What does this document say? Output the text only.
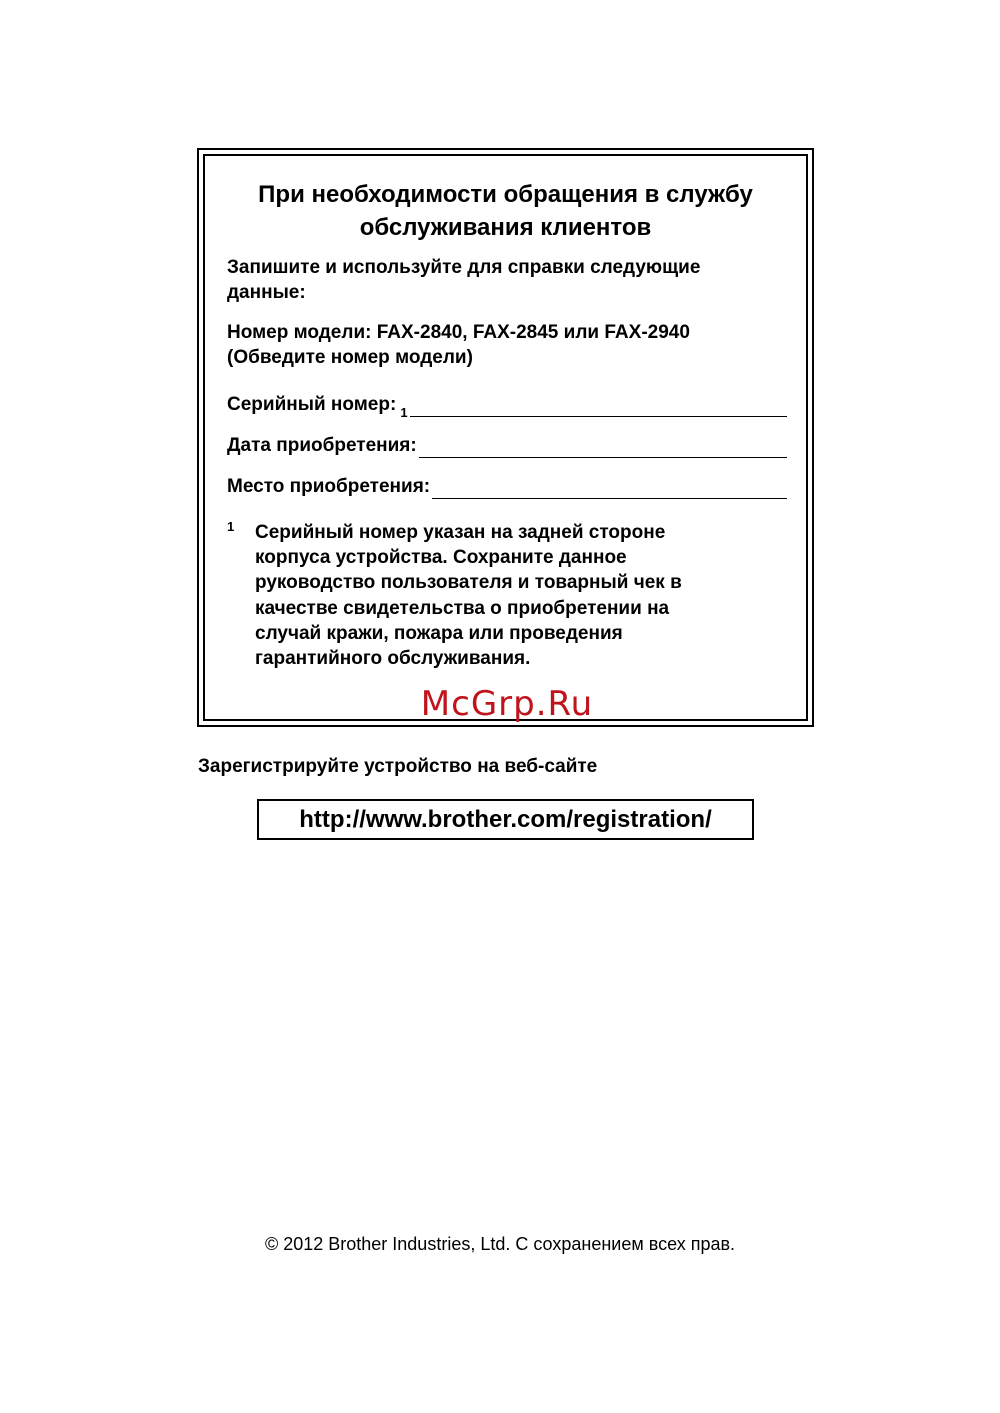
При необходимости обращения в службу
обслуживания клиентов
Запишите и используйте для справки следующие
данные:
Номер модели: FAX-2840, FAX-2845 или FAX-2940
(Обведите номер модели)
Серийный номер: $^1$
Дата приобретения:
Место приобретения:
1 Серийный номер указан на задней стороне
корпуса устройства. Сохраните данное
руководство пользователя и товарный чек в
качестве свидетельства о приобретении на
случай кражи, пожара или проведения
гарантийного обслуживания.
McGrp.Ru
Зарегистрируйте устройство на веб-сайте
http://www.brother.com/registration/
© 2012 Brother Industries, Ltd. С сохранением всех прав.
